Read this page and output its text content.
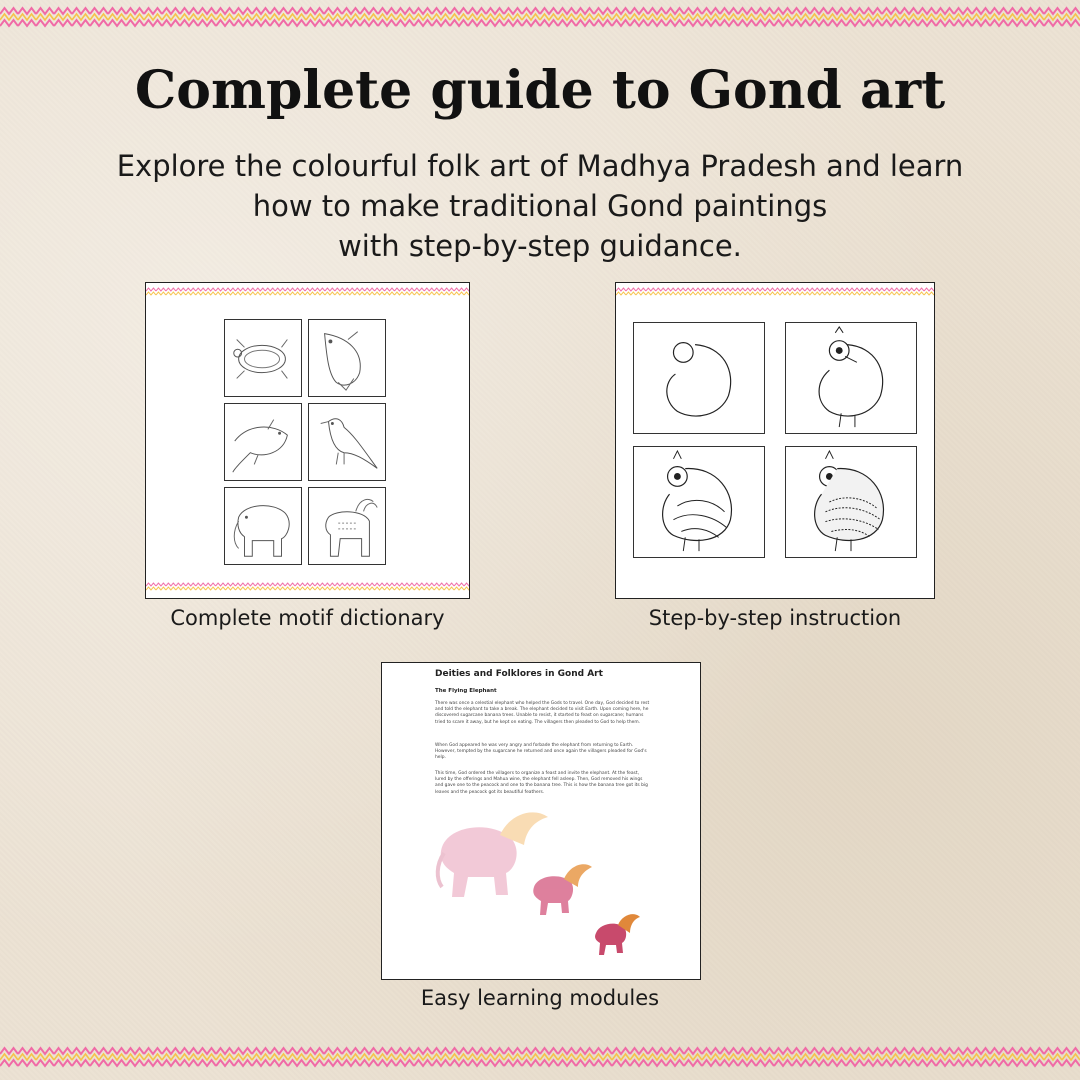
Complete guide to Gond art
Explore the colourful folk art of Madhya Pradesh and learn
how to make traditional Gond paintings
with step-by-step guidance.
Complete motif dictionary	Step-by-step instruction
Deities and Folklores in Gond Art
The Flying Elephant
There was once a celestial elephant who helped the Gods to travel. One day, God decided to rest and told the elephant to take a break. The elephant decided to visit Earth. Upon coming here, he discovered sugarcane banana trees. Unable to resist, it started to feast on sugarcane; humans tried to scare it away, but he kept on eating. The villagers then pleaded to God to help them.
When God appeared he was very angry and forbade the elephant from returning to Earth. However, tempted by the sugarcane he returned and once again the villagers pleaded for God's help.
This time, God ordered the villagers to organize a feast and invite the elephant. At the feast, lured by the offerings and Mahua wine, the elephant fell asleep. Then, God removed his wings and gave one to the peacock and one to the banana tree. This is how the banana tree got its big leaves and the peacock got its beautiful feathers.
Easy learning modules
